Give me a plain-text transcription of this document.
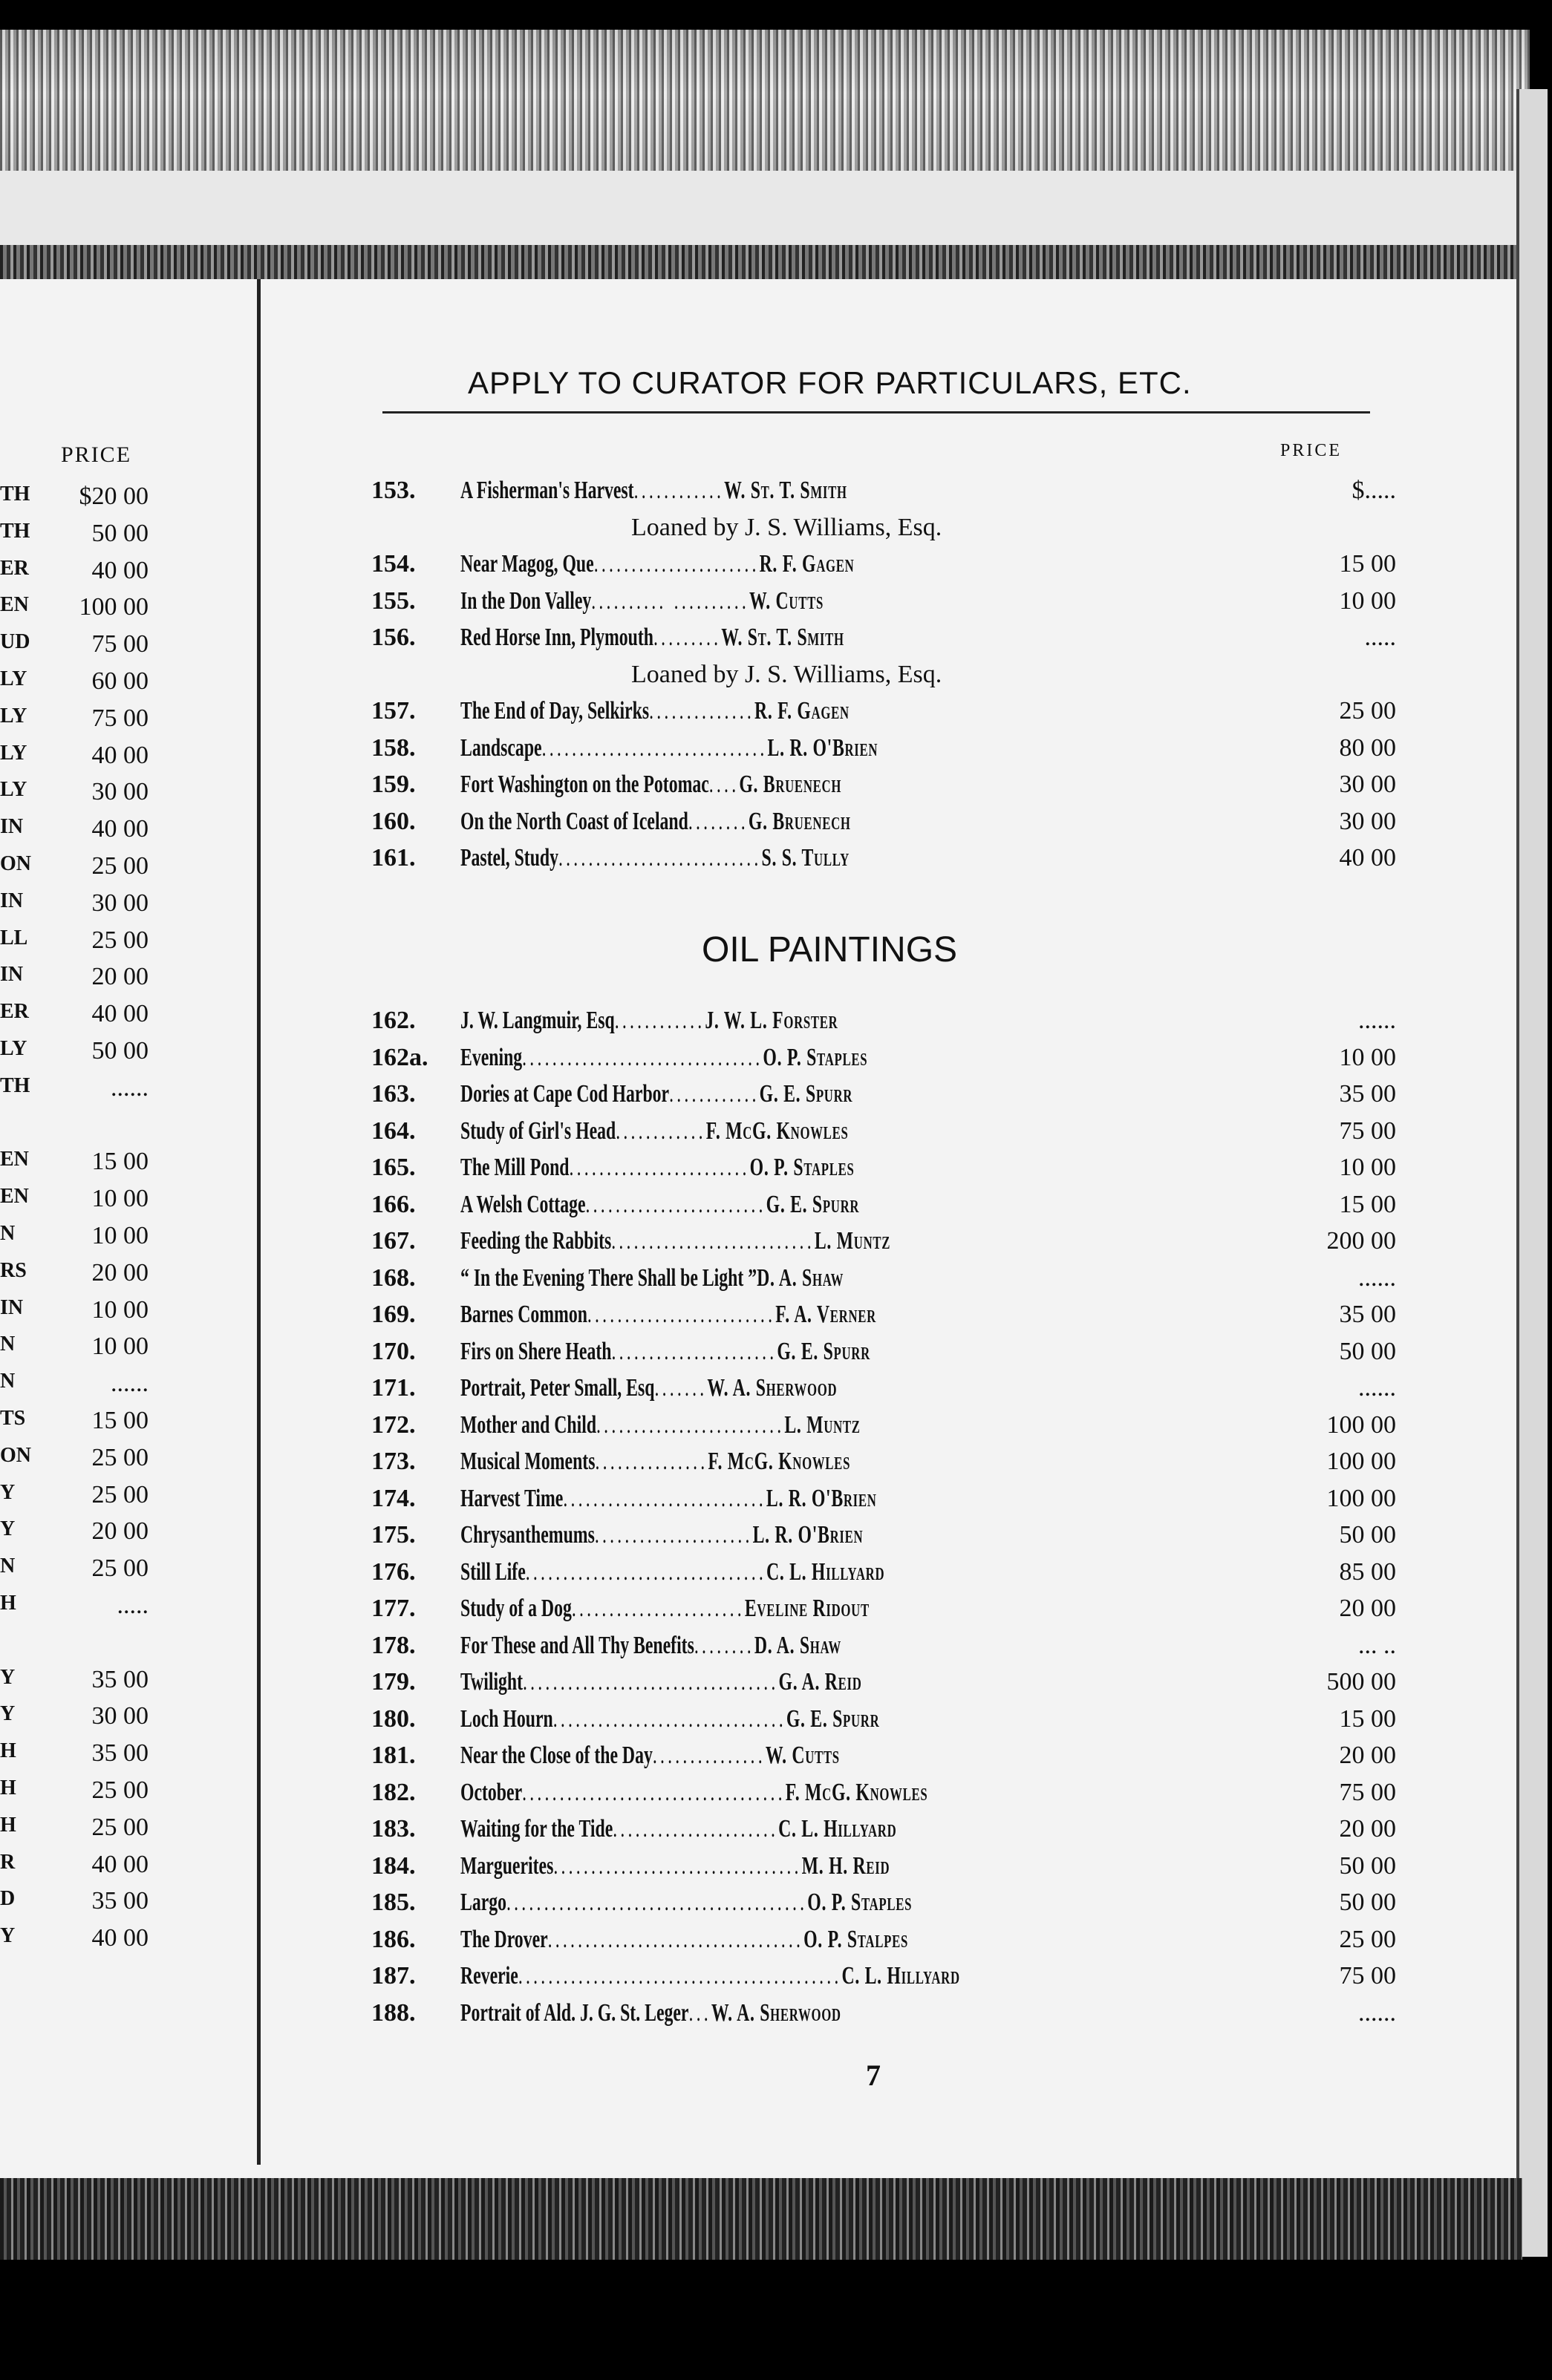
PRICE
TH $20 00
TH 50 00
ER 40 00
EN 100 00
UD 75 00
LY	60 00
LY	75 00
LY	40 00
LY	30 00
IN	40 00
ON 25 00
IN	30 00
LL	25 00
IN	20 00
ER 40 00
LY	50 00
TH	......
EN 15 00
EN 10 00
N	10 00
RS	20 00
IN	10 00
N	10 00
N	......
TS	15 00
ON 25 00
Y	25 00
Y	20 00
N	25 00
H	.....
Y	35 00
Y	30 00
H	35 00
H	25 00
H	25 00
R	40 00
D	35 00
Y	40 00
APPLY TO CURATOR FOR PARTICULARS, ETC.
PRICE
153. A Fisherman's Harvest............W. St. T. Smith	$.....
Loaned by J. S. Williams, Esq.
154. Near Magog, Que......................R. F. Gagen	15 00
155. In the Don Valley.......... ..........W. Cutts	10 00
156. Red Horse Inn, Plymouth.........W. St. T. Smith	.....
Loaned by J. S. Williams, Esq.
157. The End of Day, Selkirks..............R. F. Gagen	25 00
158. Landscape..............................L. R. O'Brien	80 00
159. Fort Washington on the Potomac....G. Bruenech	30 00
160. On the North Coast of Iceland........G. Bruenech	30 00
161. Pastel, Study...........................S. S. Tully	40 00
OIL PAINTINGS
162. J. W. Langmuir, Esq............J. W. L. Forster	......
162a. Evening................................O. P. Staples	10 00
163. Dories at Cape Cod Harbor............G. E. Spurr	35 00
164. Study of Girl's Head............F. McG. Knowles	75 00
165. The Mill Pond........................O. P. Staples	10 00
166. A Welsh Cottage........................G. E. Spurr	15 00
167. Feeding the Rabbits...........................L. Muntz	200 00
168. “ In the Evening There Shall be Light ”D. A. Shaw	......
169. Barnes Common.........................F. A. Verner	35 00
170. Firs on Shere Heath......................G. E. Spurr	50 00
171. Portrait, Peter Small, Esq.......W. A. Sherwood	......
172. Mother and Child.........................L. Muntz	100 00
173. Musical Moments...............F. McG. Knowles	100 00
174. Harvest Time...........................L. R. O'Brien	100 00
175. Chrysanthemums.....................L. R. O'Brien	50 00
176. Still Life................................C. L. Hillyard	85 00
177. Study of a Dog.......................Eveline Ridout	20 00
178. For These and All Thy Benefits........D. A. Shaw	... ..
179. Twilight..................................G. A. Reid	500 00
180. Loch Hourn...............................G. E. Spurr	15 00
181. Near the Close of the Day...............W. Cutts	20 00
182. October...................................F. McG. Knowles	75 00
183. Waiting for the Tide......................C. L. Hillyard	20 00
184. Marguerites.................................M. H. Reid	50 00
185. Largo........................................O. P. Staples	50 00
186. The Drover..................................O. P. Stalpes	25 00
187. Reverie...........................................C. L. Hillyard	75 00
188. Portrait of Ald. J. G. St. Leger...W. A. Sherwood	......
7
